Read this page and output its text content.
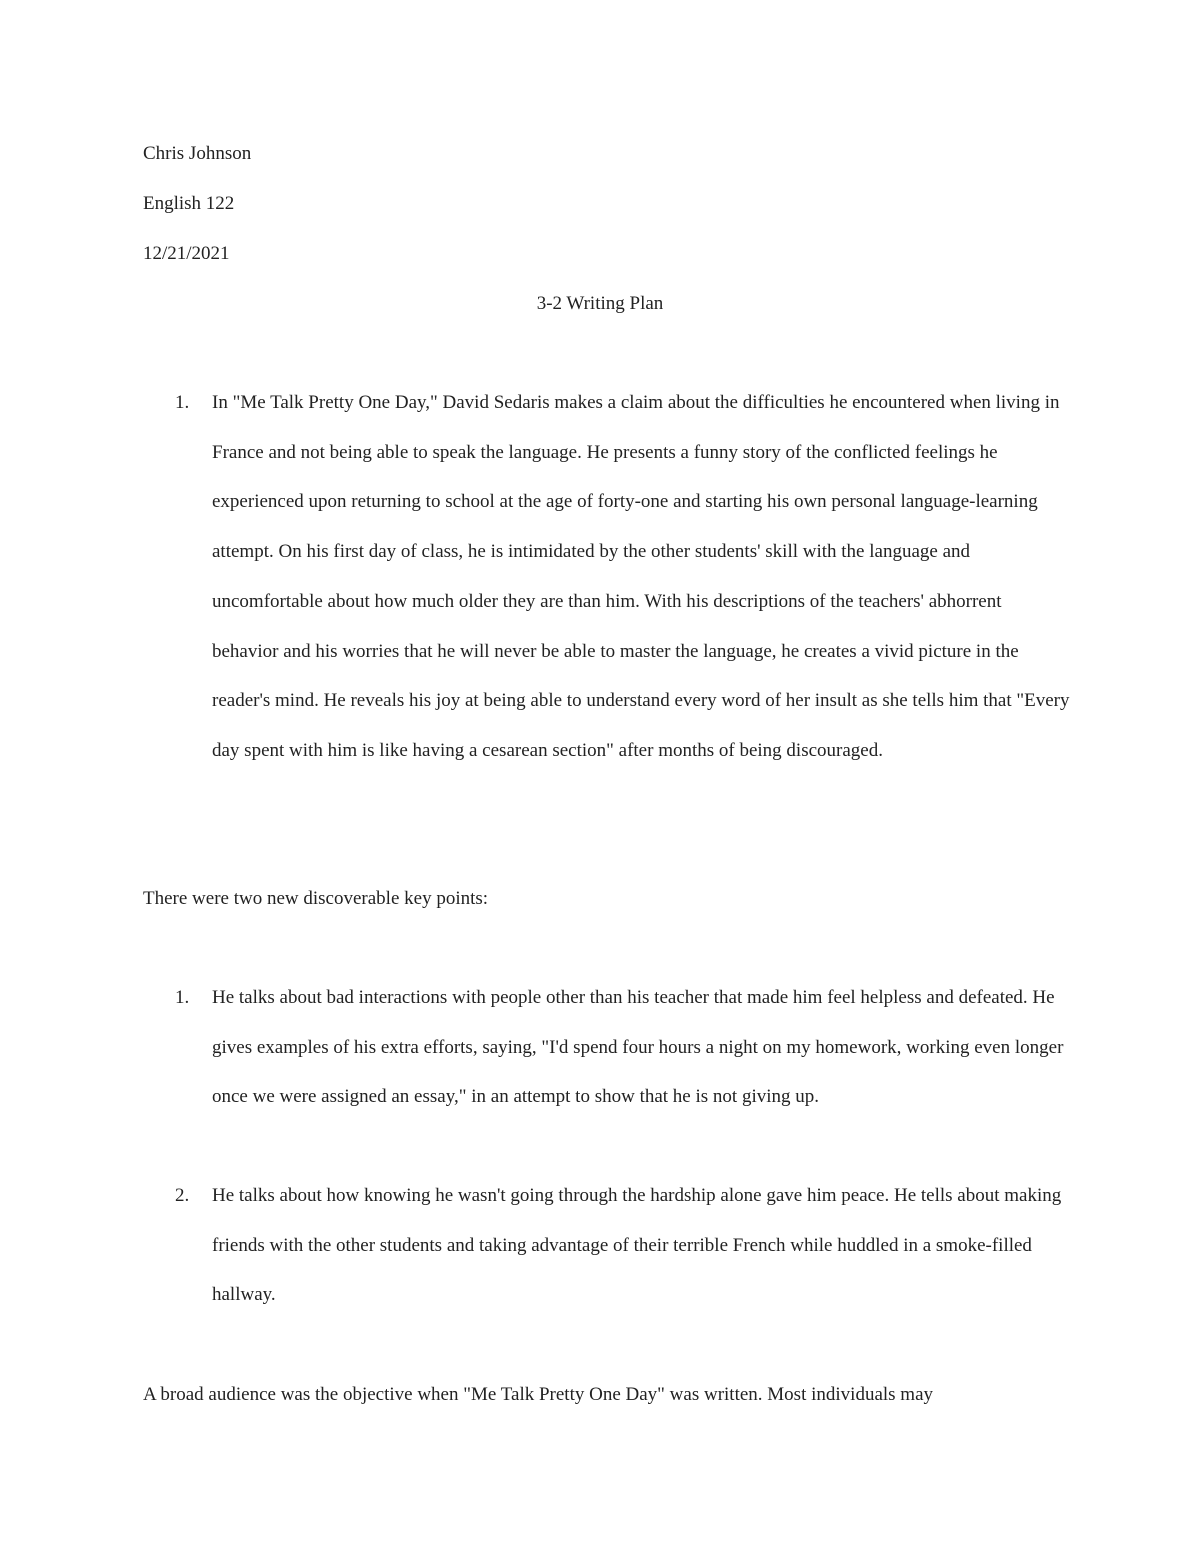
Chris Johnson
English 122
12/21/2021
3-2 Writing Plan
1. In "Me Talk Pretty One Day," David Sedaris makes a claim about the difficulties he encountered when living in France and not being able to speak the language. He presents a funny story of the conflicted feelings he experienced upon returning to school at the age of forty-one and starting his own personal language-learning attempt. On his first day of class, he is intimidated by the other students' skill with the language and uncomfortable about how much older they are than him. With his descriptions of the teachers' abhorrent behavior and his worries that he will never be able to master the language, he creates a vivid picture in the reader's mind. He reveals his joy at being able to understand every word of her insult as she tells him that "Every day spent with him is like having a cesarean section" after months of being discouraged.
There were two new discoverable key points:
1. He talks about bad interactions with people other than his teacher that made him feel helpless and defeated. He gives examples of his extra efforts, saying, "I'd spend four hours a night on my homework, working even longer once we were assigned an essay," in an attempt to show that he is not giving up.
2. He talks about how knowing he wasn't going through the hardship alone gave him peace. He tells about making friends with the other students and taking advantage of their terrible French while huddled in a smoke-filled hallway.
A broad audience was the objective when "Me Talk Pretty One Day" was written. Most individuals may
